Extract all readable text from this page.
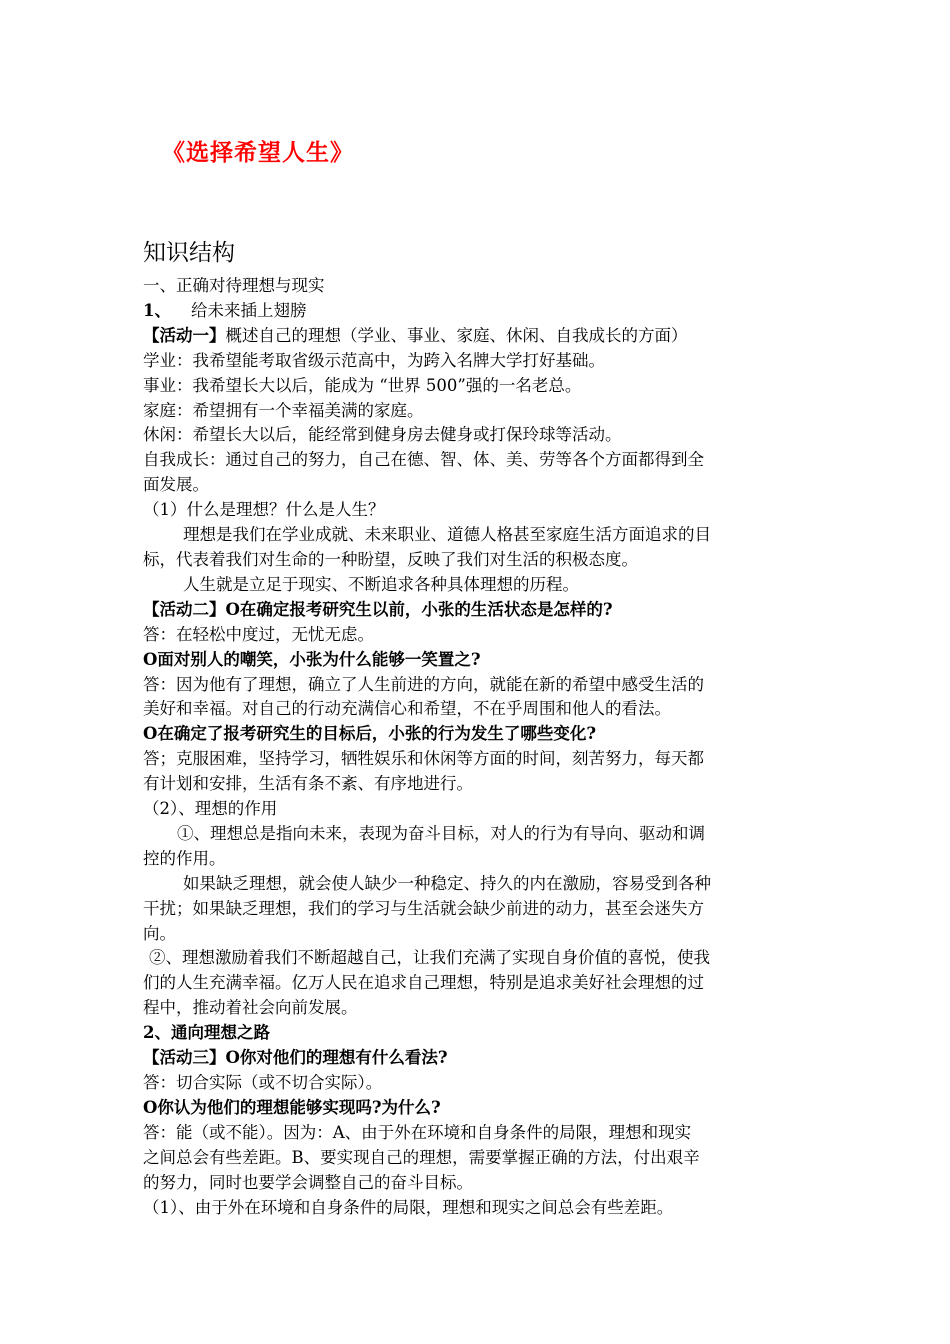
《选择希望人生》
知识结构

一、正确对待理想与现实

1、 给未来插上翅膀

【活动一】概述自己的理想（学业、事业、家庭、休闲、自我成长的方面）

学业：我希望能考取省级示范高中，为跨入名牌大学打好基础。

事业：我希望长大以后，能成为 “世界 500”强的一名老总。

家庭：希望拥有一个幸福美满的家庭。

休闲：希望长大以后，能经常到健身房去健身或打保玲球等活动。

自我成长：通过自己的努力，自己在德、智、体、美、劳等各个方面都得到全

面发展。

（1）什么是理想？什么是人生？

理想是我们在学业成就、未来职业、道德人格甚至家庭生活方面追求的目

标，代表着我们对生命的一种盼望，反映了我们对生活的积极态度。

人生就是立足于现实、不断追求各种具体理想的历程。

【活动二】O在确定报考研究生以前，小张的生活状态是怎样的?

答：在轻松中度过，无忧无虑。

O面对别人的嘲笑，小张为什么能够一笑置之?

答：因为他有了理想，确立了人生前进的方向，就能在新的希望中感受生活的

美好和幸福。对自己的行动充满信心和希望，不在乎周围和他人的看法。

O在确定了报考研究生的目标后，小张的行为发生了哪些变化?

答；克服困难，坚持学习，牺牲娱乐和休闲等方面的时间，刻苦努力，每天都

有计划和安排，生活有条不紊、有序地进行。

（2）、理想的作用

①、理想总是指向未来，表现为奋斗目标，对人的行为有导向、驱动和调

控的作用。

如果缺乏理想，就会使人缺少一种稳定、持久的内在激励，容易受到各种

干扰；如果缺乏理想，我们的学习与生活就会缺少前进的动力，甚至会迷失方

向。

②、理想激励着我们不断超越自己，让我们充满了实现自身价值的喜悦，使我

们的人生充满幸福。亿万人民在追求自己理想，特别是追求美好社会理想的过

程中，推动着社会向前发展。

2、通向理想之路

【活动三】O你对他们的理想有什么看法?

答：切合实际（或不切合实际）。

O你认为他们的理想能够实现吗?为什么?

答：能（或不能）。因为：A、由于外在环境和自身条件的局限，理想和现实

之间总会有些差距。B、要实现自己的理想，需要掌握正确的方法，付出艰辛

的努力，同时也要学会调整自己的奋斗目标。

（1）、由于外在环境和自身条件的局限，理想和现实之间总会有些差距。
